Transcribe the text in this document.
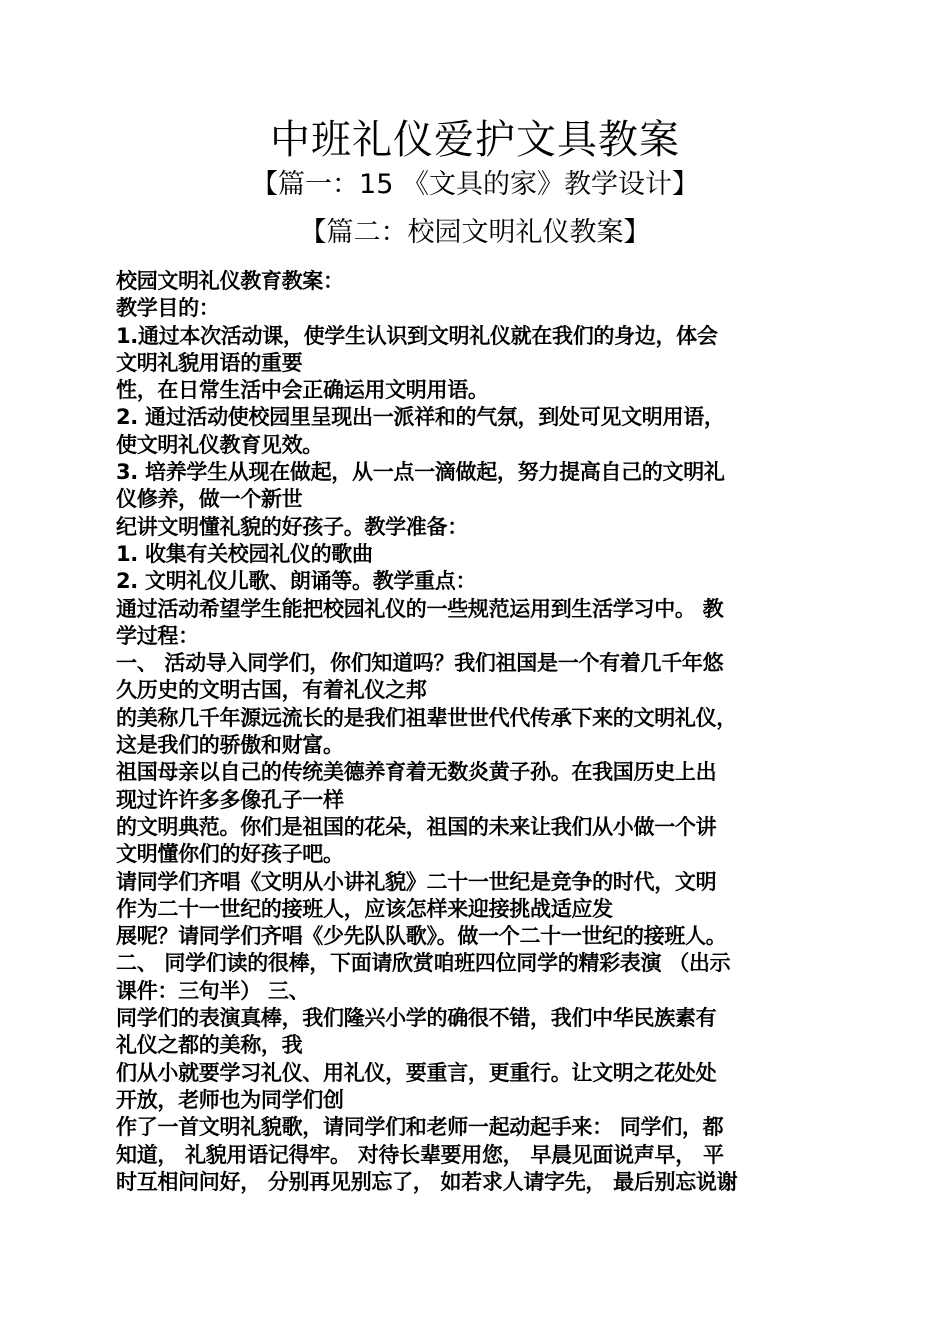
中班礼仪爱护文具教案
【篇一：15 《文具的家》教学设计】
【篇二：校园文明礼仪教案】
校园文明礼仪教育教案：
教学目的：
1.通过本次活动课，使学生认识到文明礼仪就在我们的身边，体会
文明礼貌用语的重要
性，在日常生活中会正确运用文明用语。
2. 通过活动使校园里呈现出一派祥和的气氛，到处可见文明用语，
使文明礼仪教育见效。
3. 培养学生从现在做起，从一点一滴做起，努力提高自己的文明礼
仪修养，做一个新世
纪讲文明懂礼貌的好孩子。教学准备：
1. 收集有关校园礼仪的歌曲
2. 文明礼仪儿歌、朗诵等。教学重点：
通过活动希望学生能把校园礼仪的一些规范运用到生活学习中。 教
学过程：
一、 活动导入同学们，你们知道吗？我们祖国是一个有着几千年悠
久历史的文明古国，有着礼仪之邦
的美称几千年源远流长的是我们祖辈世世代代传承下来的文明礼仪，
这是我们的骄傲和财富。
祖国母亲以自己的传统美德养育着无数炎黄子孙。在我国历史上出
现过许许多多像孔子一样
的文明典范。你们是祖国的花朵，祖国的未来让我们从小做一个讲
文明懂你们的好孩子吧。
请同学们齐唱《文明从小讲礼貌》二十一世纪是竞争的时代，文明
作为二十一世纪的接班人，应该怎样来迎接挑战适应发
展呢？请同学们齐唱《少先队队歌》。做一个二十一世纪的接班人。
二、 同学们读的很棒，下面请欣赏咱班四位同学的精彩表演 （出示
课件：三句半） 三、
同学们的表演真棒，我们隆兴小学的确很不错，我们中华民族素有
礼仪之都的美称，我
们从小就要学习礼仪、用礼仪，要重言，更重行。让文明之花处处
开放，老师也为同学们创
作了一首文明礼貌歌，请同学们和老师一起动起手来： 同学们，都
知道， 礼貌用语记得牢。 对待长辈要用您， 早晨见面说声早， 平
时互相问问好， 分别再见别忘了， 如若求人请字先， 最后别忘说谢
